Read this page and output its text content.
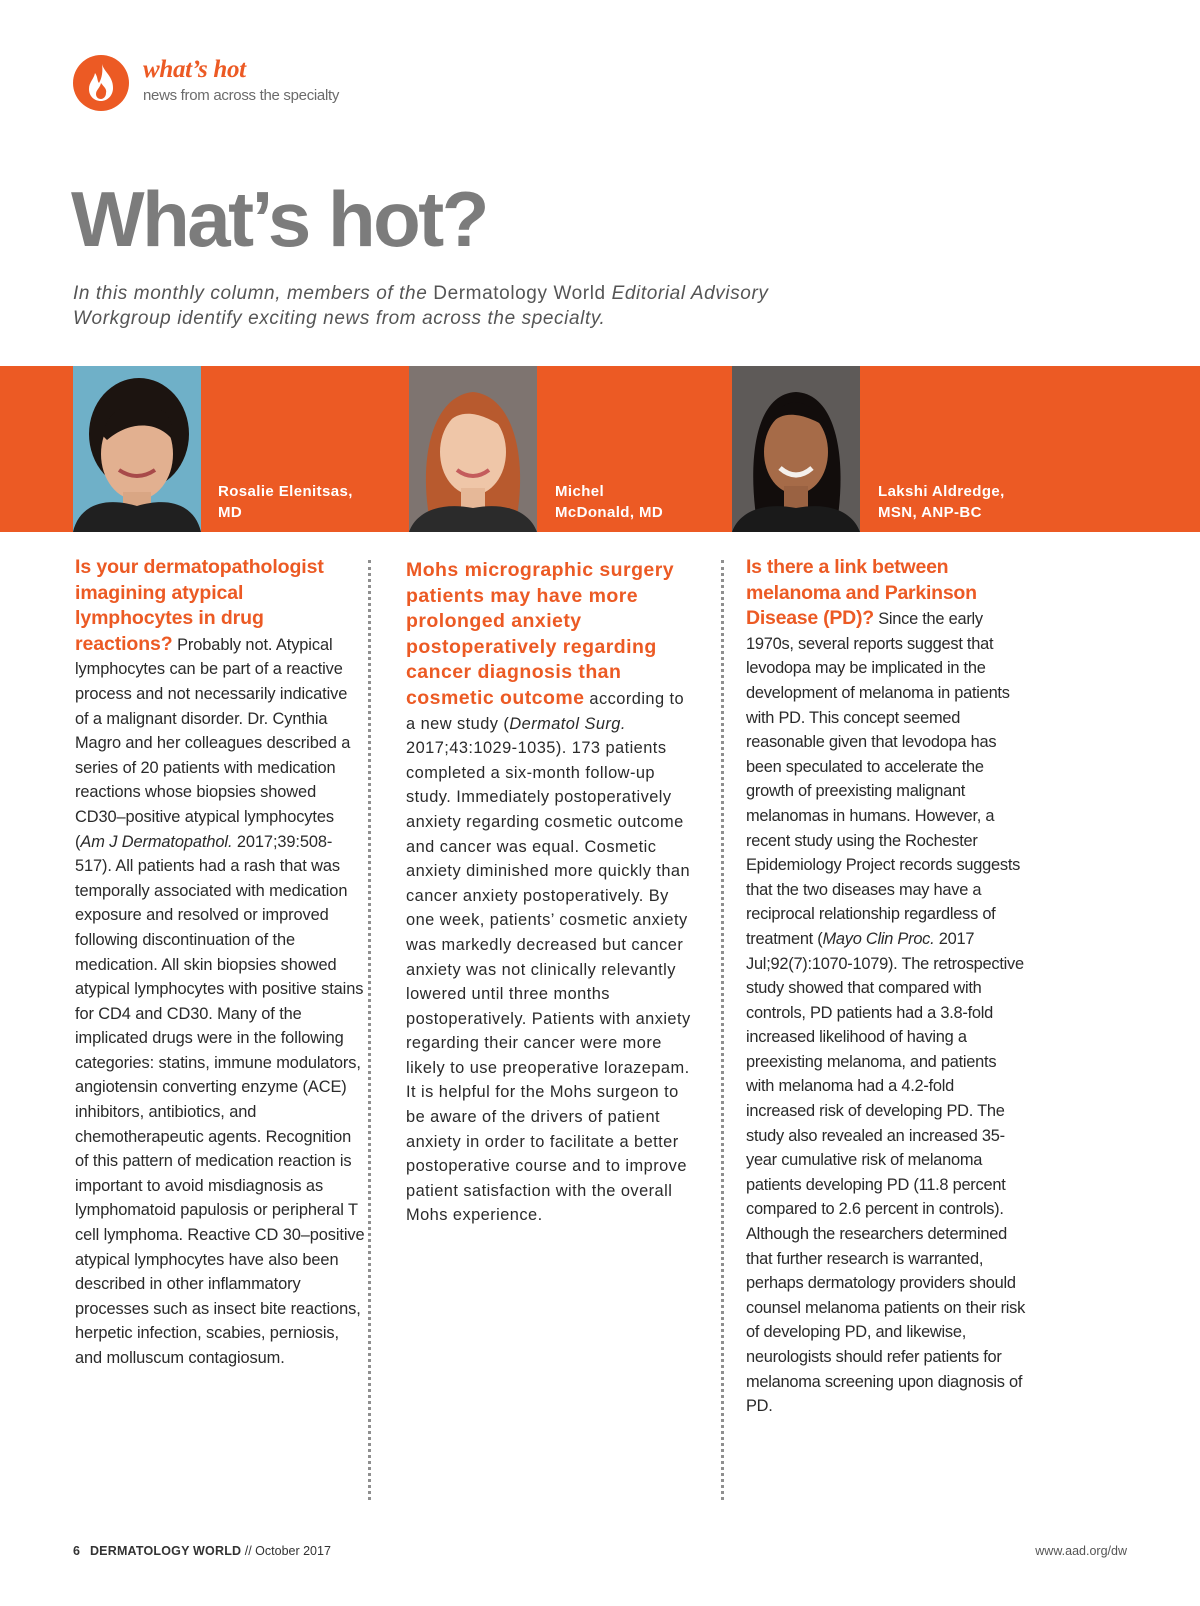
what’s hot
news from across the specialty
What’s hot?

In this monthly column, members of the Dermatology World Editorial Advisory Workgroup identify exciting news from across the specialty.

Rosalie Elenitsas,
MD
Michel
McDonald, MD
Lakshi Aldredge,
MSN, ANP-BC
Is your dermatopathologist imagining atypical lymphocytes in drug reactions? Probably not. Atypical lymphocytes can be part of a reactive process and not necessarily indicative of a malignant disorder. Dr. Cynthia Magro and her colleagues described a series of 20 patients with medication reactions whose biopsies showed CD30–positive atypical lymphocytes (Am J Dermatopathol. 2017;39:508-517). All patients had a rash that was temporally associated with medication exposure and resolved or improved following discontinuation of the medication. All skin biopsies showed atypical lymphocytes with positive stains for CD4 and CD30. Many of the implicated drugs were in the following categories: statins, immune modulators, angiotensin converting enzyme (ACE) inhibitors, antibiotics, and chemotherapeutic agents. Recognition of this pattern of medication reaction is important to avoid misdiagnosis as lymphomatoid papulosis or peripheral T cell lymphoma. Reactive CD 30–positive atypical lymphocytes have also been described in other inflammatory processes such as insect bite reactions, herpetic infection, scabies, perniosis, and molluscum contagiosum.
Mohs micrographic surgery patients may have more prolonged anxiety postoperatively regarding cancer diagnosis than cosmetic outcome according to a new study (Dermatol Surg. 2017;43:1029-1035). 173 patients completed a six-month follow-up study. Immediately postoperatively anxiety regarding cosmetic outcome and cancer was equal. Cosmetic anxiety diminished more quickly than cancer anxiety postoperatively. By one week, patients’ cosmetic anxiety was markedly decreased but cancer anxiety was not clinically relevantly lowered until three months postoperatively. Patients with anxiety regarding their cancer were more likely to use preoperative lorazepam. It is helpful for the Mohs surgeon to be aware of the drivers of patient anxiety in order to facilitate a better postoperative course and to improve patient satisfaction with the overall Mohs experience.
Is there a link between melanoma and Parkinson Disease (PD)? Since the early 1970s, several reports suggest that levodopa may be implicated in the development of melanoma in patients with PD. This concept seemed reasonable given that levodopa has been speculated to accelerate the growth of preexisting malignant melanomas in humans. However, a recent study using the Rochester Epidemiology Project records suggests that the two diseases may have a reciprocal relationship regardless of treatment (Mayo Clin Proc. 2017 Jul;92(7):1070-1079). The retrospective study showed that compared with controls, PD patients had a 3.8-fold increased likelihood of having a preexisting melanoma, and patients with melanoma had a 4.2-fold increased risk of developing PD. The study also revealed an increased 35-year cumulative risk of melanoma patients developing PD (11.8 percent compared to 2.6 percent in controls). Although the researchers determined that further research is warranted, perhaps dermatology providers should counsel melanoma patients on their risk of developing PD, and likewise, neurologists should refer patients for melanoma screening upon diagnosis of PD.
6 DERMATOLOGY WORLD // October 2017	www.aad.org/dw
